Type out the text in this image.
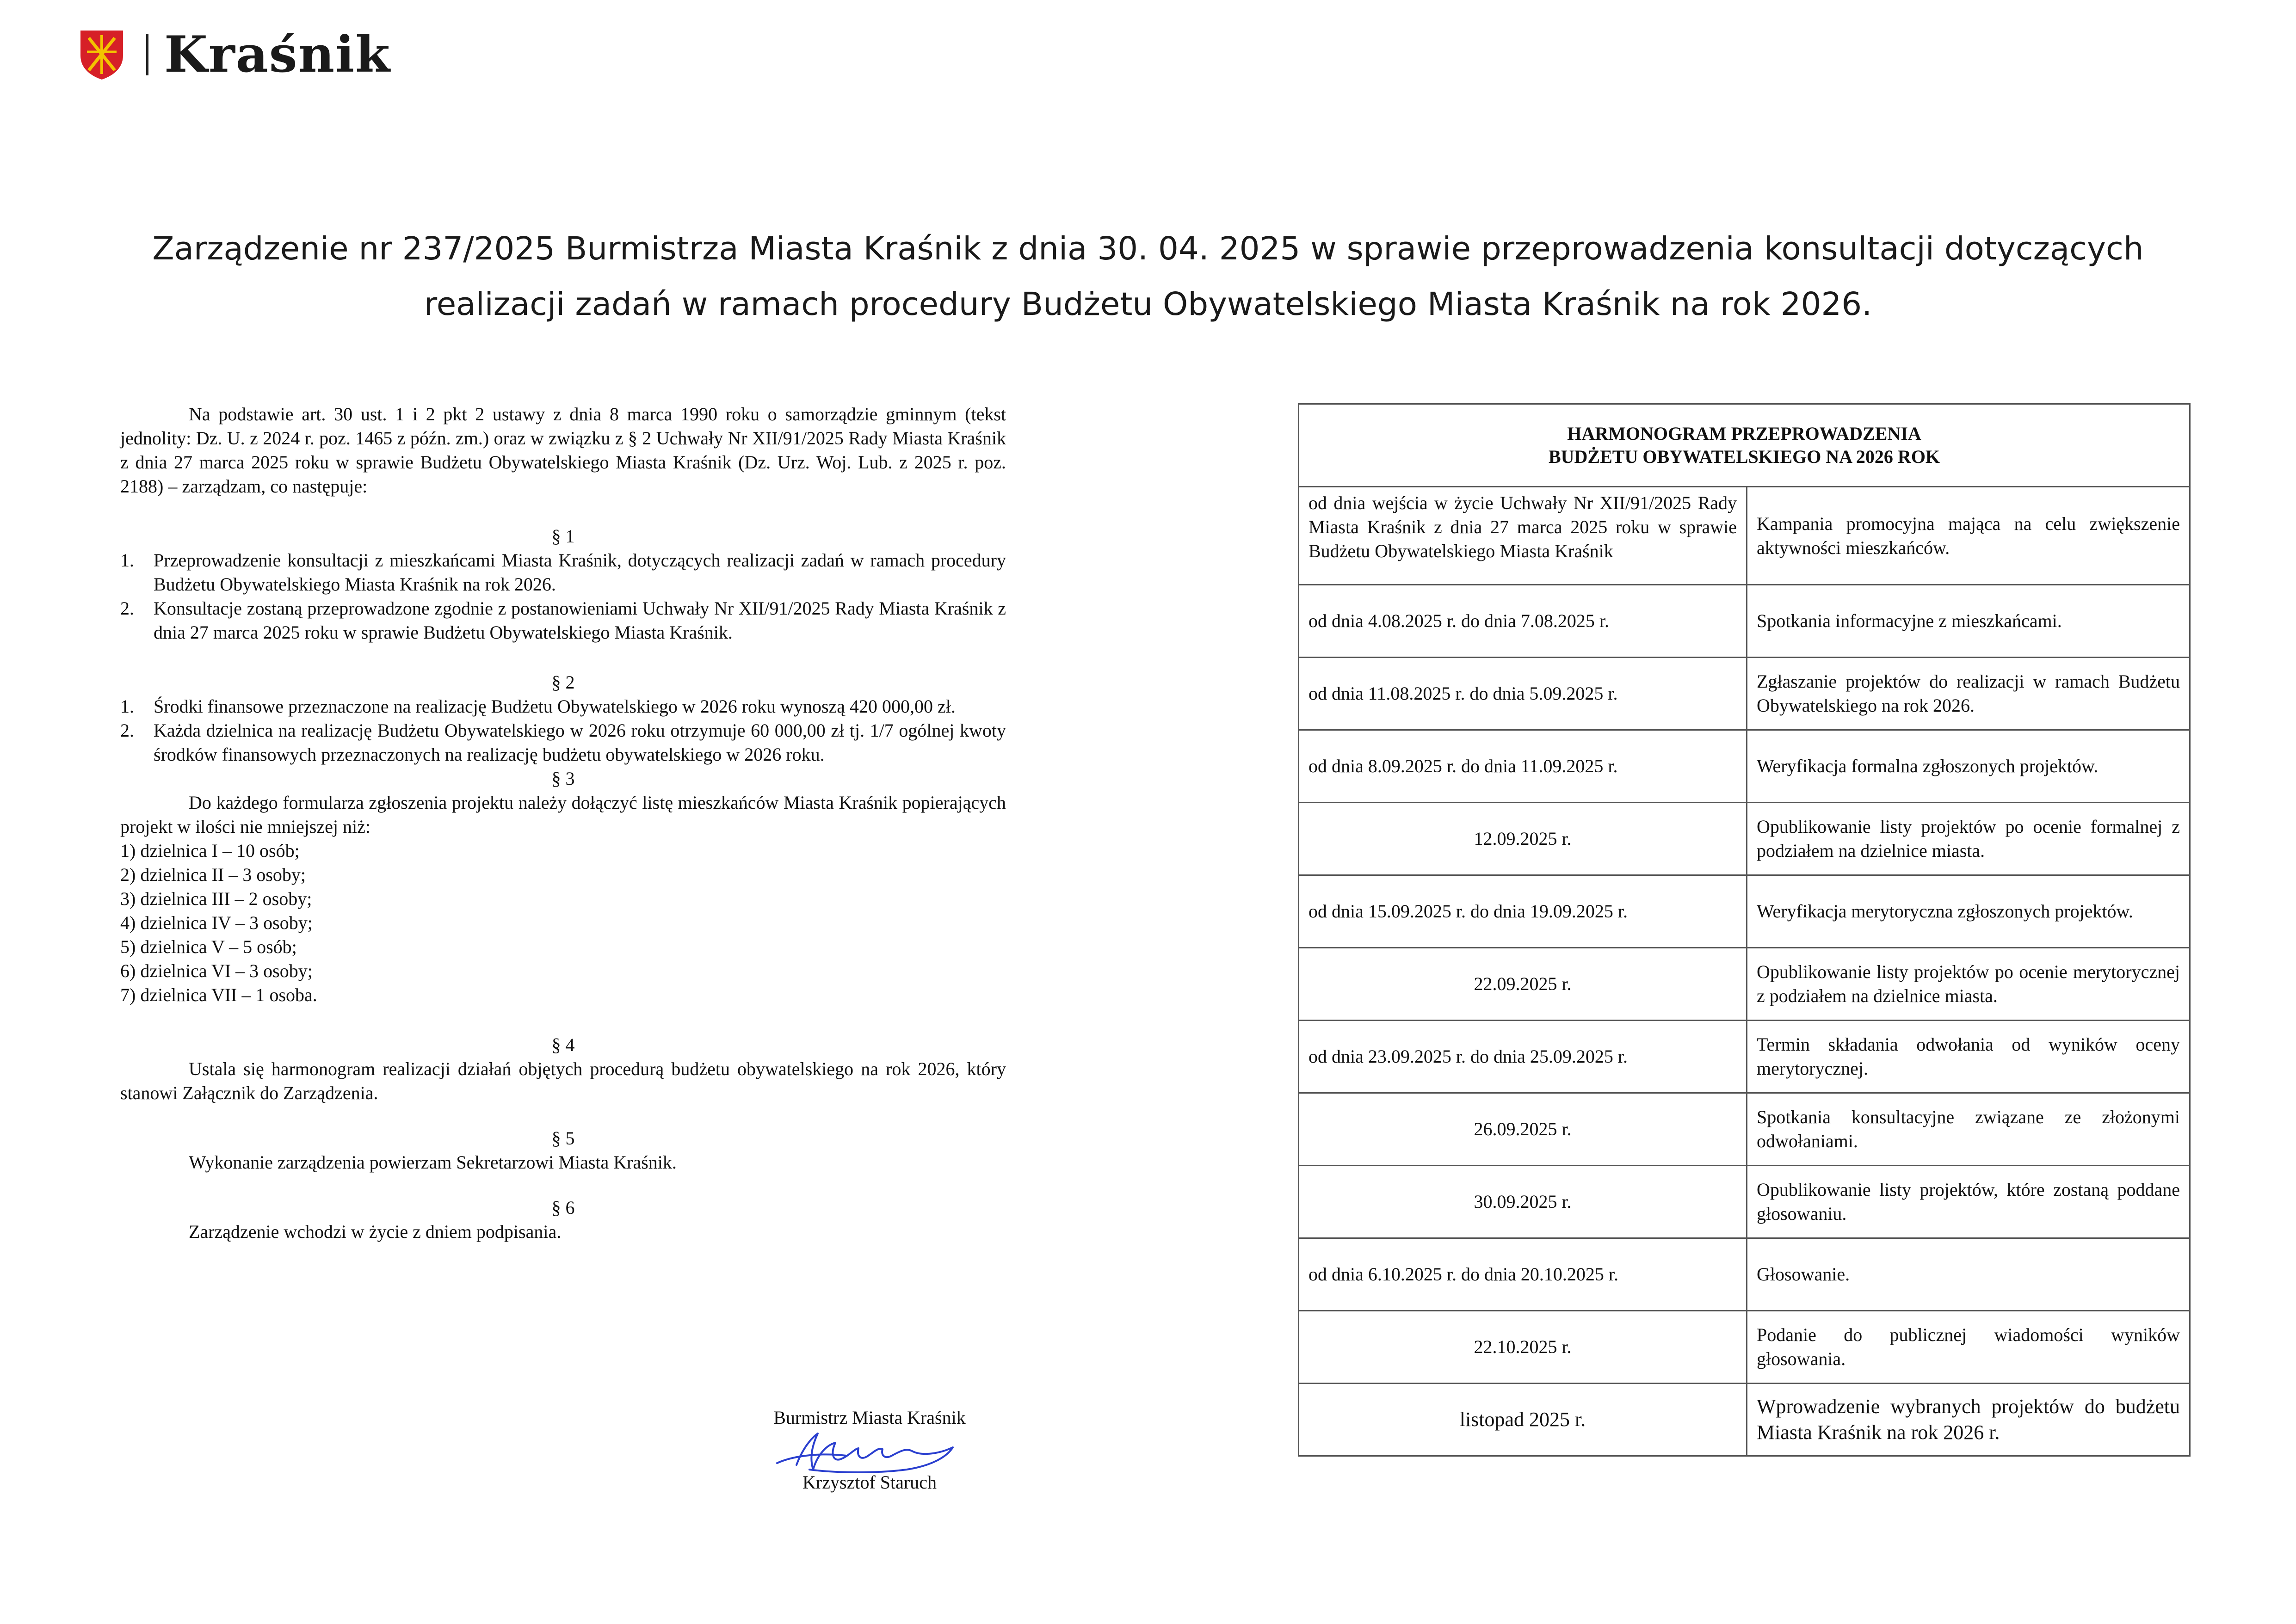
Kraśnik
Zarządzenie nr 237/2025 Burmistrza Miasta Kraśnik z dnia 30. 04. 2025 w sprawie przeprowadzenia konsultacji dotyczących
realizacji zadań w ramach procedury Budżetu Obywatelskiego Miasta Kraśnik na rok 2026.

Na podstawie art. 30 ust. 1 i 2 pkt 2 ustawy z dnia 8 marca 1990 roku o samorządzie gminnym (tekst jednolity: Dz. U. z 2024 r. poz. 1465 z późn. zm.) oraz w związku z § 2 Uchwały Nr XII/91/2025 Rady Miasta Kraśnik z dnia 27 marca 2025 roku w sprawie Budżetu Obywatelskiego Miasta Kraśnik (Dz. Urz. Woj. Lub. z 2025 r. poz. 2188) – zarządzam, co następuje:

§ 1

1.	Przeprowadzenie konsultacji z mieszkańcami Miasta Kraśnik, dotyczących realizacji zadań w ramach procedury Budżetu Obywatelskiego Miasta Kraśnik na rok 2026.
2.	Konsultacje zostaną przeprowadzone zgodnie z postanowieniami Uchwały Nr XII/91/2025 Rady Miasta Kraśnik z dnia 27 marca 2025 roku w sprawie Budżetu Obywatelskiego Miasta Kraśnik.

§ 2

1.	Środki finansowe przeznaczone na realizację Budżetu Obywatelskiego w 2026 roku wynoszą 420 000,00 zł.
2.	Każda dzielnica na realizację Budżetu Obywatelskiego w 2026 roku otrzymuje 60 000,00 zł tj. 1/7 ogólnej kwoty środków finansowych przeznaczonych na realizację budżetu obywatelskiego w 2026 roku.

§ 3

Do każdego formularza zgłoszenia projektu należy dołączyć listę mieszkańców Miasta Kraśnik popierających projekt w ilości nie mniejszej niż:

1) dzielnica I – 10 osób;
2) dzielnica II – 3 osoby;
3) dzielnica III – 2 osoby;
4) dzielnica IV – 3 osoby;
5) dzielnica V – 5 osób;
6) dzielnica VI – 3 osoby;
7) dzielnica VII – 1 osoba.

§ 4

Ustala się harmonogram realizacji działań objętych procedurą budżetu obywatelskiego na rok 2026, który stanowi Załącznik do Zarządzenia.

§ 5

Wykonanie zarządzenia powierzam Sekretarzowi Miasta Kraśnik.

§ 6

Zarządzenie wchodzi w życie z dniem podpisania.

Burmistrz Miasta Kraśnik
Krzysztof Staruch
HARMONOGRAM PRZEPROWADZENIA
BUDŻETU OBYWATELSKIEGO NA 2026 ROK	

od dnia wejścia w życie Uchwały Nr XII/91/2025 Rady Miasta Kraśnik z dnia 27 marca 2025 roku w sprawie Budżetu Obywatelskiego Miasta Kraśnik	Kampania promocyjna mająca na celu zwiększenie aktywności mieszkańców.
od dnia 4.08.2025 r. do dnia 7.08.2025 r.	Spotkania informacyjne z mieszkańcami.
od dnia 11.08.2025 r. do dnia 5.09.2025 r.	Zgłaszanie projektów do realizacji w ramach Budżetu Obywatelskiego na rok 2026.
od dnia 8.09.2025 r. do dnia 11.09.2025 r.	Weryfikacja formalna zgłoszonych projektów.
12.09.2025 r.	Opublikowanie listy projektów po ocenie formalnej z podziałem na dzielnice miasta.
od dnia 15.09.2025 r. do dnia 19.09.2025 r.	Weryfikacja merytoryczna zgłoszonych projektów.
22.09.2025 r.	Opublikowanie listy projektów po ocenie merytorycznej z podziałem na dzielnice miasta.
od dnia 23.09.2025 r. do dnia 25.09.2025 r.	Termin składania odwołania od wyników oceny merytorycznej.
26.09.2025 r.	Spotkania konsultacyjne związane ze złożonymi odwołaniami.
30.09.2025 r.	Opublikowanie listy projektów, które zostaną poddane głosowaniu.
od dnia 6.10.2025 r. do dnia 20.10.2025 r.	Głosowanie.
22.10.2025 r.	Podanie do publicznej wiadomości wyników głosowania.
listopad 2025 r.	Wprowadzenie wybranych projektów do budżetu Miasta Kraśnik na rok 2026 r.
